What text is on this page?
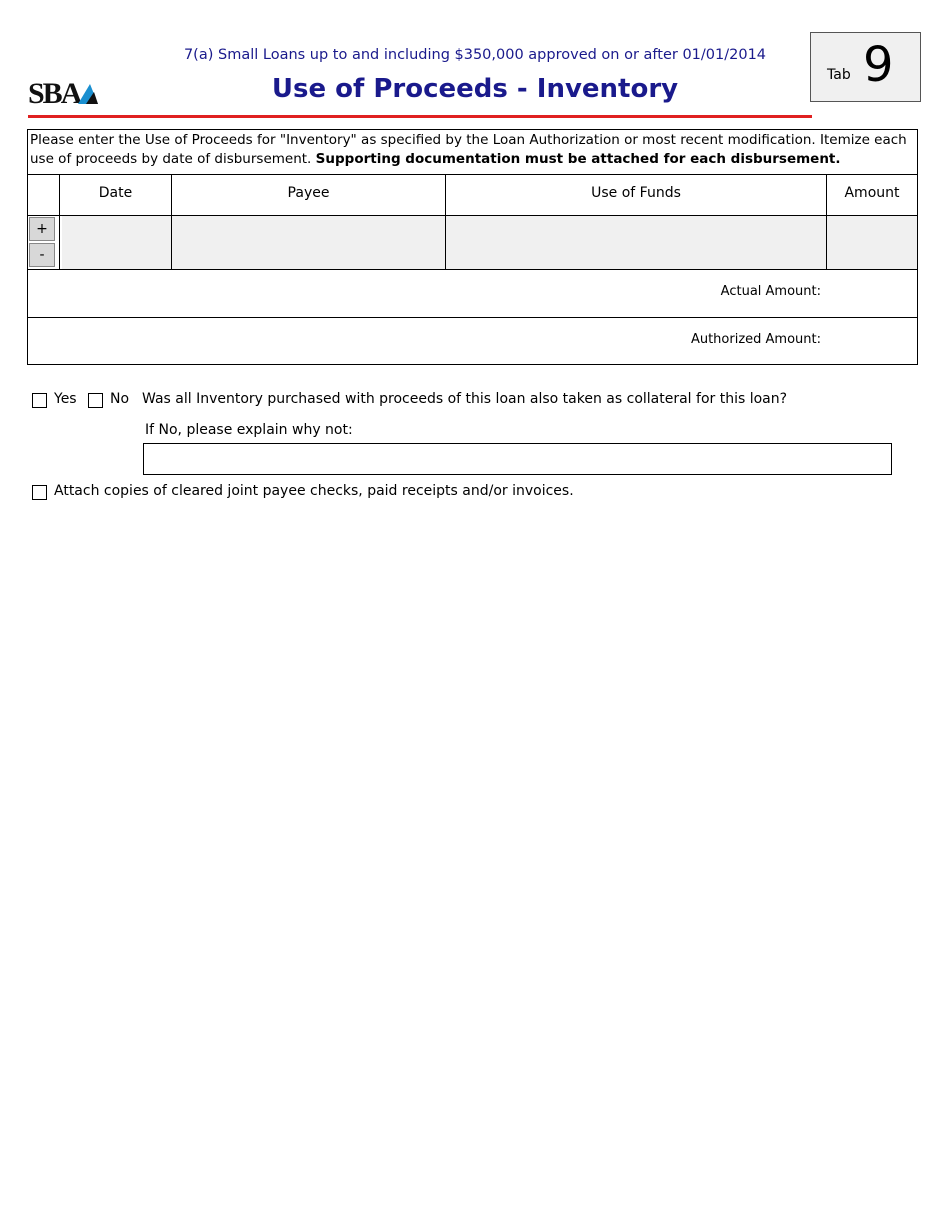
7(a) Small Loans up to and including $350,000 approved on or after 01/01/2014
SBA	Use of Proceeds - Inventory	Tab 9
Please enter the Use of Proceeds for "Inventory" as specified by the Loan Authorization or most recent modification. Itemize each use of proceeds by date of disbursement. Supporting documentation must be attached for each disbursement.
Date	Payee	Use of Funds	Amount
+
-
Actual Amount:
Authorized Amount:
Yes No Was all Inventory purchased with proceeds of this loan also taken as collateral for this loan?
If No, please explain why not:
Attach copies of cleared joint payee checks, paid receipts and/or invoices.
